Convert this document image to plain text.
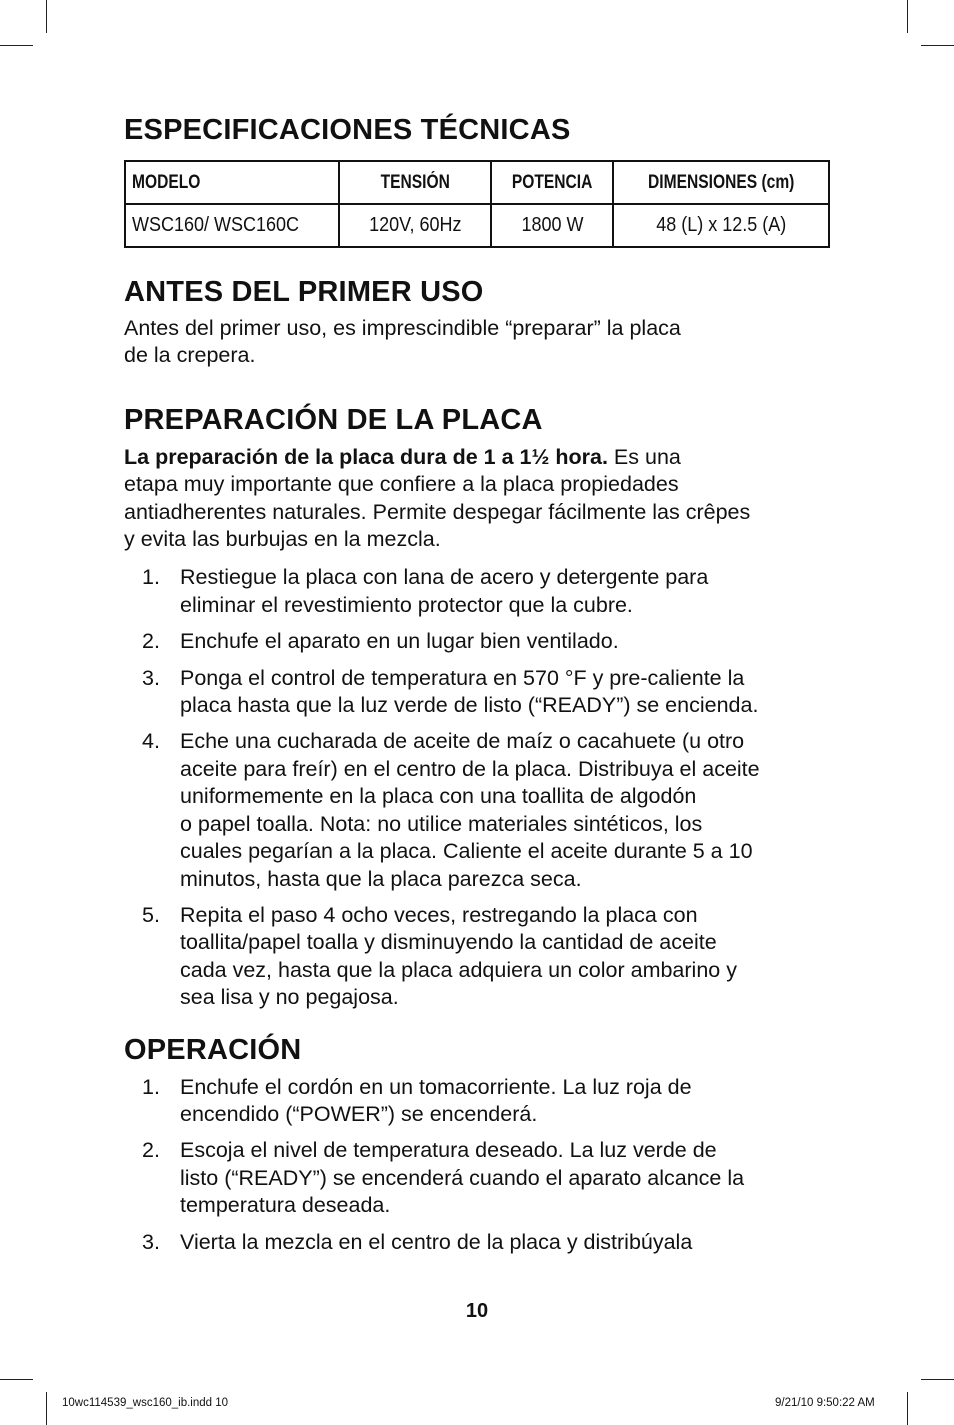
ESPECIFICACIONES TÉCNICAS
MODELO	TENSIÓN	POTENCIA	DIMENSIONES (cm)
WSC160/ WSC160C	120V, 60Hz	1800 W	48 (L) x 12.5 (A)
ANTES DEL PRIMER USO

Antes del primer uso, es imprescindible “preparar” la placa
de la crepera.

PREPARACIÓN DE LA PLACA

La preparación de la placa dura de 1 a 1½ hora. Es una
etapa muy importante que confiere a la placa propiedades
antiadherentes naturales. Permite despegar fácilmente las crêpes
y evita las burbujas en la mezcla.

1. Restiegue la placa con lana de acero y detergente para
eliminar el revestimiento protector que la cubre.
2. Enchufe el aparato en un lugar bien ventilado.
3. Ponga el control de temperatura en 570 °F y pre-caliente la
placa hasta que la luz verde de listo (“READY”) se encienda.
4. Eche una cucharada de aceite de maíz o cacahuete (u otro
aceite para freír) en el centro de la placa. Distribuya el aceite
uniformemente en la placa con una toallita de algodón
o papel toalla. Nota: no utilice materiales sintéticos, los
cuales pegarían a la placa. Caliente el aceite durante 5 a 10
minutos, hasta que la placa parezca seca.
5. Repita el paso 4 ocho veces, restregando la placa con
toallita/papel toalla y disminuyendo la cantidad de aceite
cada vez, hasta que la placa adquiera un color ambarino y
sea lisa y no pegajosa.
OPERACIÓN
1. Enchufe el cordón en un tomacorriente. La luz roja de
encendido (“POWER”) se encenderá.
2. Escoja el nivel de temperatura deseado. La luz verde de
listo (“READY”) se encenderá cuando el aparato alcance la
temperatura deseada.
3. Vierta la mezcla en el centro de la placa y distribúyala
10
10wc114539_wsc160_ib.indd 10	9/21/10 9:50:22 AM
